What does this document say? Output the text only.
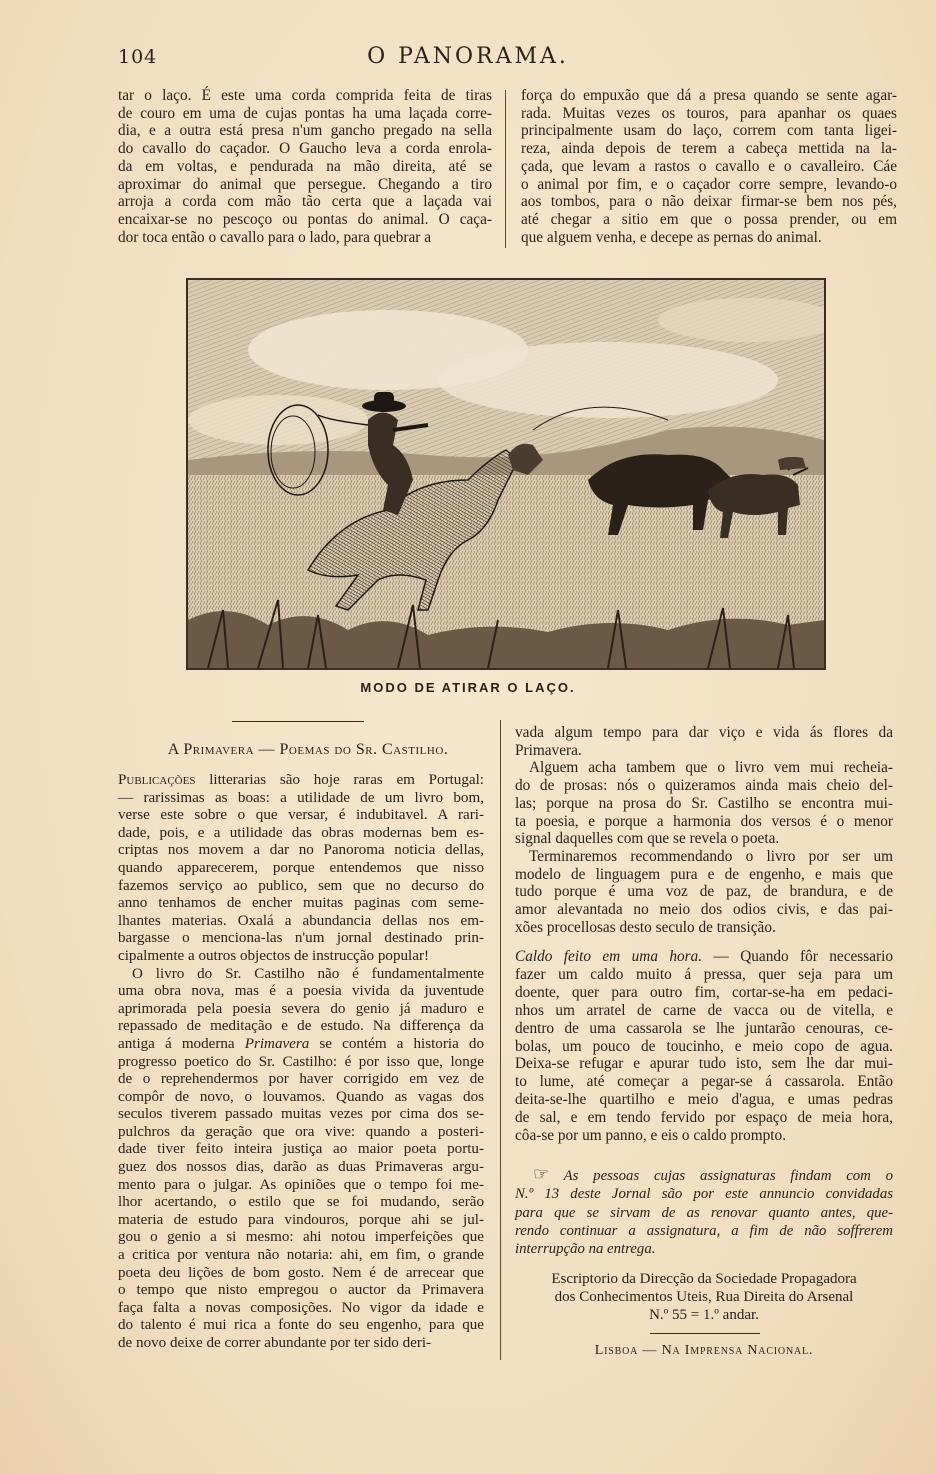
104	O PANORAMA.
tar o laço. É este uma corda comprida feita de tiras
de couro em uma de cujas pontas ha uma laçada corre-
dia, e a outra está presa n'um gancho pregado na sella
do cavallo do caçador. O Gaucho leva a corda enrola-
da em voltas, e pendurada na mão direita, até se
aproximar do animal que persegue. Chegando a tiro
arroja a corda com mão tão certa que a laçada vai
encaixar-se no pescoço ou pontas do animal. O caça-
dor toca então o cavallo para o lado, para quebrar a
força do empuxão que dá a presa quando se sente agar-
rada. Muitas vezes os touros, para apanhar os quaes
principalmente usam do laço, correm com tanta ligei-
reza, ainda depois de terem a cabeça mettida na la-
çada, que levam a rastos o cavallo e o cavalleiro. Cáe
o animal por fim, e o caçador corre sempre, levando-o
aos tombos, para o não deixar firmar-se bem nos pés,
até chegar a sitio em que o possa prender, ou em
que alguem venha, e decepe as pernas do animal.
MODO DE ATIRAR O LAÇO.
A Primavera — Poemas do Sr. Castilho.
Publicações litterarias são hoje raras em Portugal:
— rarissimas as boas: a utilidade de um livro bom,
verse este sobre o que versar, é indubitavel. A rari-
dade, pois, e a utilidade das obras modernas bem es-
criptas nos movem a dar no Panoroma noticia dellas,
quando apparecerem, porque entendemos que nisso
fazemos serviço ao publico, sem que no decurso do
anno tenhamos de encher muitas paginas com seme-
lhantes materias. Oxalá a abundancia dellas nos em-
bargasse o menciona-las n'um jornal destinado prin-
cipalmente a outros objectos de instrucção popular!
O livro do Sr. Castilho não é fundamentalmente
uma obra nova, mas é a poesia vivida da juventude
aprimorada pela poesia severa do genio já maduro e
repassado de meditação e de estudo. Na differença da
antiga á moderna Primavera se contém a historia do
progresso poetico do Sr. Castilho: é por isso que, longe
de o reprehendermos por haver corrigido em vez de
compôr de novo, o louvamos. Quando as vagas dos
seculos tiverem passado muitas vezes por cima dos se-
pulchros da geração que ora vive: quando a posteri-
dade tiver feito inteira justiça ao maior poeta portu-
guez dos nossos dias, darão as duas Primaveras argu-
mento para o julgar. As opiniões que o tempo foi me-
lhor acertando, o estilo que se foi mudando, serão
materia de estudo para vindouros, porque ahi se jul-
gou o genio a si mesmo: ahi notou imperfeições que
a critica por ventura não notaria: ahi, em fim, o grande
poeta deu lições de bom gosto. Nem é de arrecear que
o tempo que nisto empregou o auctor da Primavera
faça falta a novas composições. No vigor da idade e
do talento é mui rica a fonte do seu engenho, para que
de novo deixe de correr abundante por ter sido deri-
vada algum tempo para dar viço e vida ás flores da
Primavera.
Alguem acha tambem que o livro vem mui recheia-
do de prosas: nós o quizeramos ainda mais cheio del-
las; porque na prosa do Sr. Castilho se encontra mui-
ta poesia, e porque a harmonia dos versos é o menor
signal daquelles com que se revela o poeta.
Terminaremos recommendando o livro por ser um
modelo de linguagem pura e de engenho, e mais que
tudo porque é uma voz de paz, de brandura, e de
amor alevantada no meio dos odios civis, e das pai-
xões procellosas desto seculo de transição.
Caldo feito em uma hora. — Quando fôr necessario
fazer um caldo muito á pressa, quer seja para um
doente, quer para outro fim, cortar-se-ha em pedaci-
nhos um arratel de carne de vacca ou de vitella, e
dentro de uma cassarola se lhe juntarão cenouras, ce-
bolas, um pouco de toucinho, e meio copo de agua.
Deixa-se refugar e apurar tudo isto, sem lhe dar mui-
to lume, até começar a pegar-se á cassarola. Então
deita-se-lhe quartilho e meio d'agua, e umas pedras
de sal, e em tendo fervido por espaço de meia hora,
côa-se por um panno, e eis o caldo prompto.
☞ As pessoas cujas assignaturas findam com o
N.º 13 deste Jornal são por este annuncio convidadas
para que se sirvam de as renovar quanto antes, que-
rendo continuar a assignatura, a fim de não soffrerem
interrupção na entrega.
Escriptorio da Direcção da Sociedade Propagadora
dos Conhecimentos Uteis, Rua Direita do Arsenal
N.º 55 = 1.º andar.
Lisboa — Na Imprensa Nacional.
